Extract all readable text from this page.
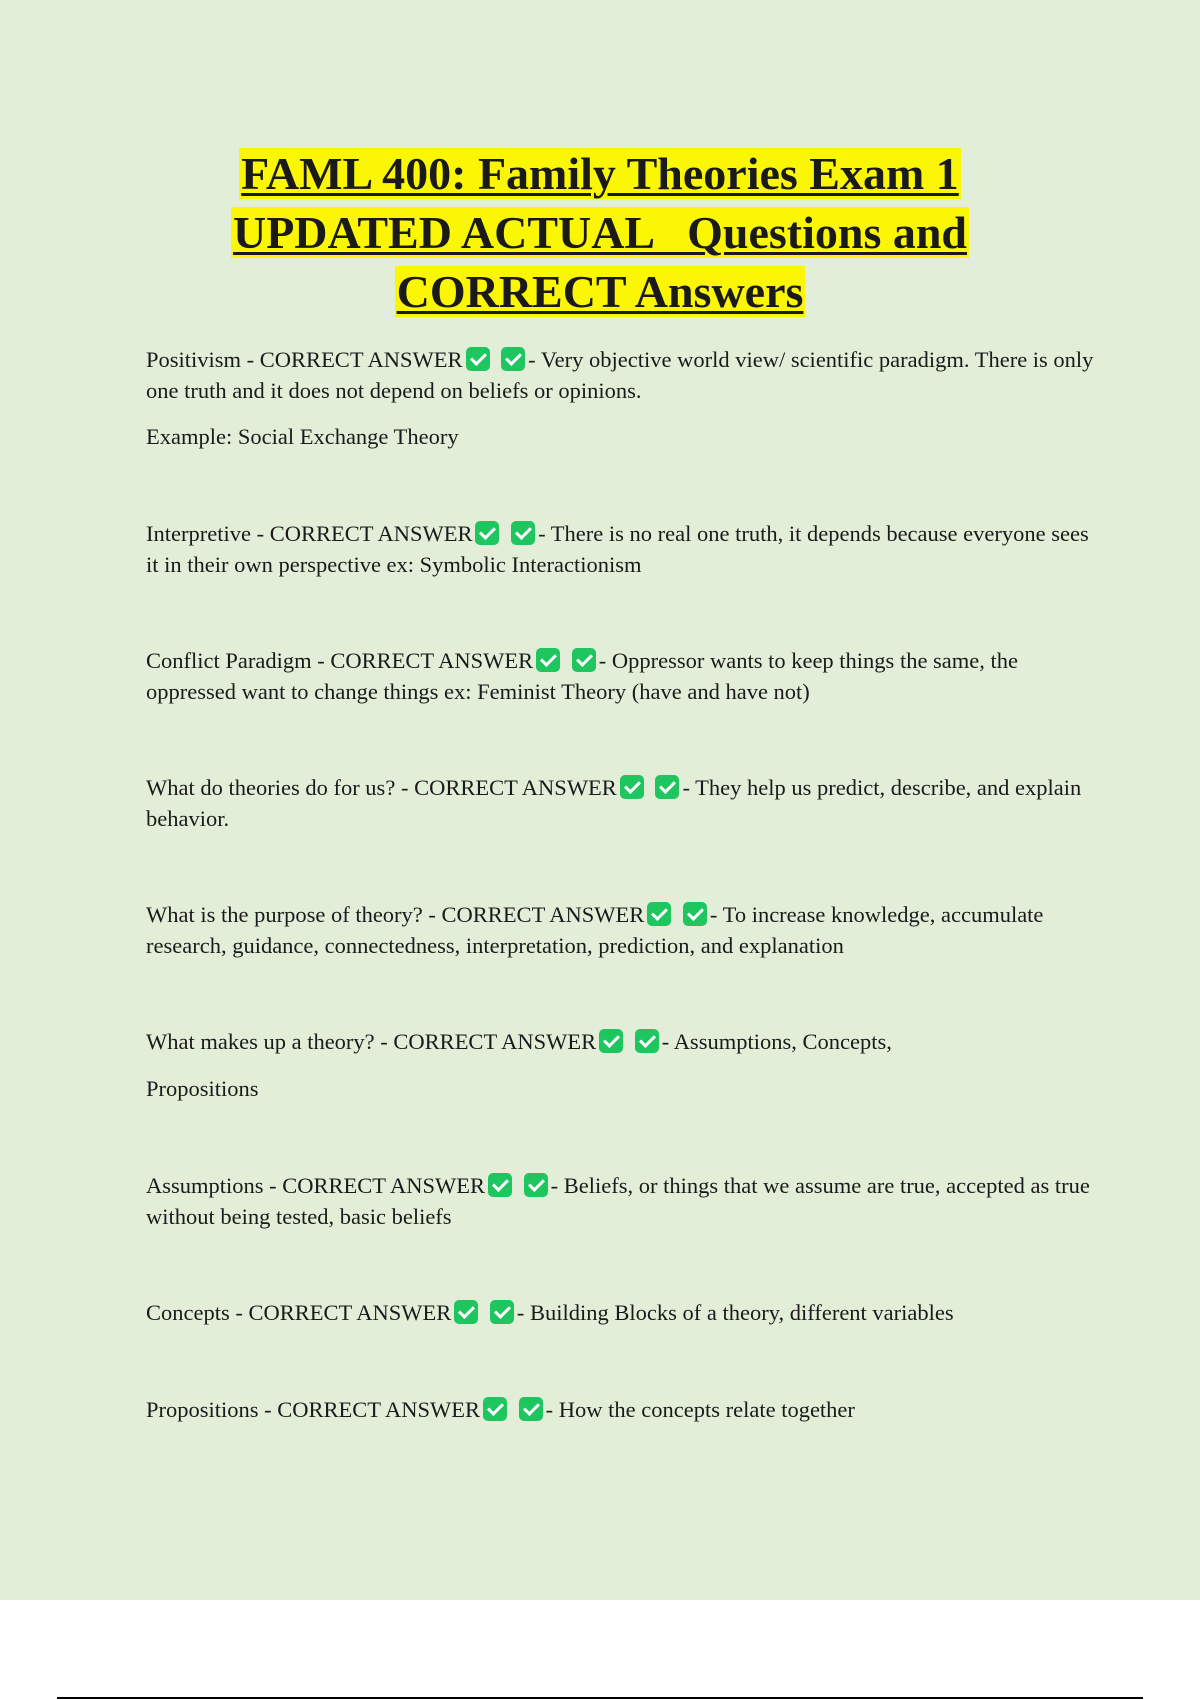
FAML 400: Family Theories Exam 1
UPDATED ACTUAL   Questions and
CORRECT Answers

Positivism - CORRECT ANSWER	- Very objective world view/ scientific paradigm. There is only one truth and it does not depend on beliefs or opinions.

Example: Social Exchange Theory

Interpretive - CORRECT ANSWER	- There is no real one truth, it depends because everyone sees it in their own perspective ex: Symbolic Interactionism

Conflict Paradigm - CORRECT ANSWER	- Oppressor wants to keep things the same, the oppressed want to change things ex: Feminist Theory (have and have not)

What do theories do for us? - CORRECT ANSWER	- They help us predict, describe, and explain behavior.

What is the purpose of theory? - CORRECT ANSWER	- To increase knowledge, accumulate research, guidance, connectedness, interpretation, prediction, and explanation

What makes up a theory? - CORRECT ANSWER	- Assumptions, Concepts,

Propositions

Assumptions - CORRECT ANSWER	- Beliefs, or things that we assume are true, accepted as true without being tested, basic beliefs

Concepts - CORRECT ANSWER	- Building Blocks of a theory, different variables

Propositions - CORRECT ANSWER	- How the concepts relate together
